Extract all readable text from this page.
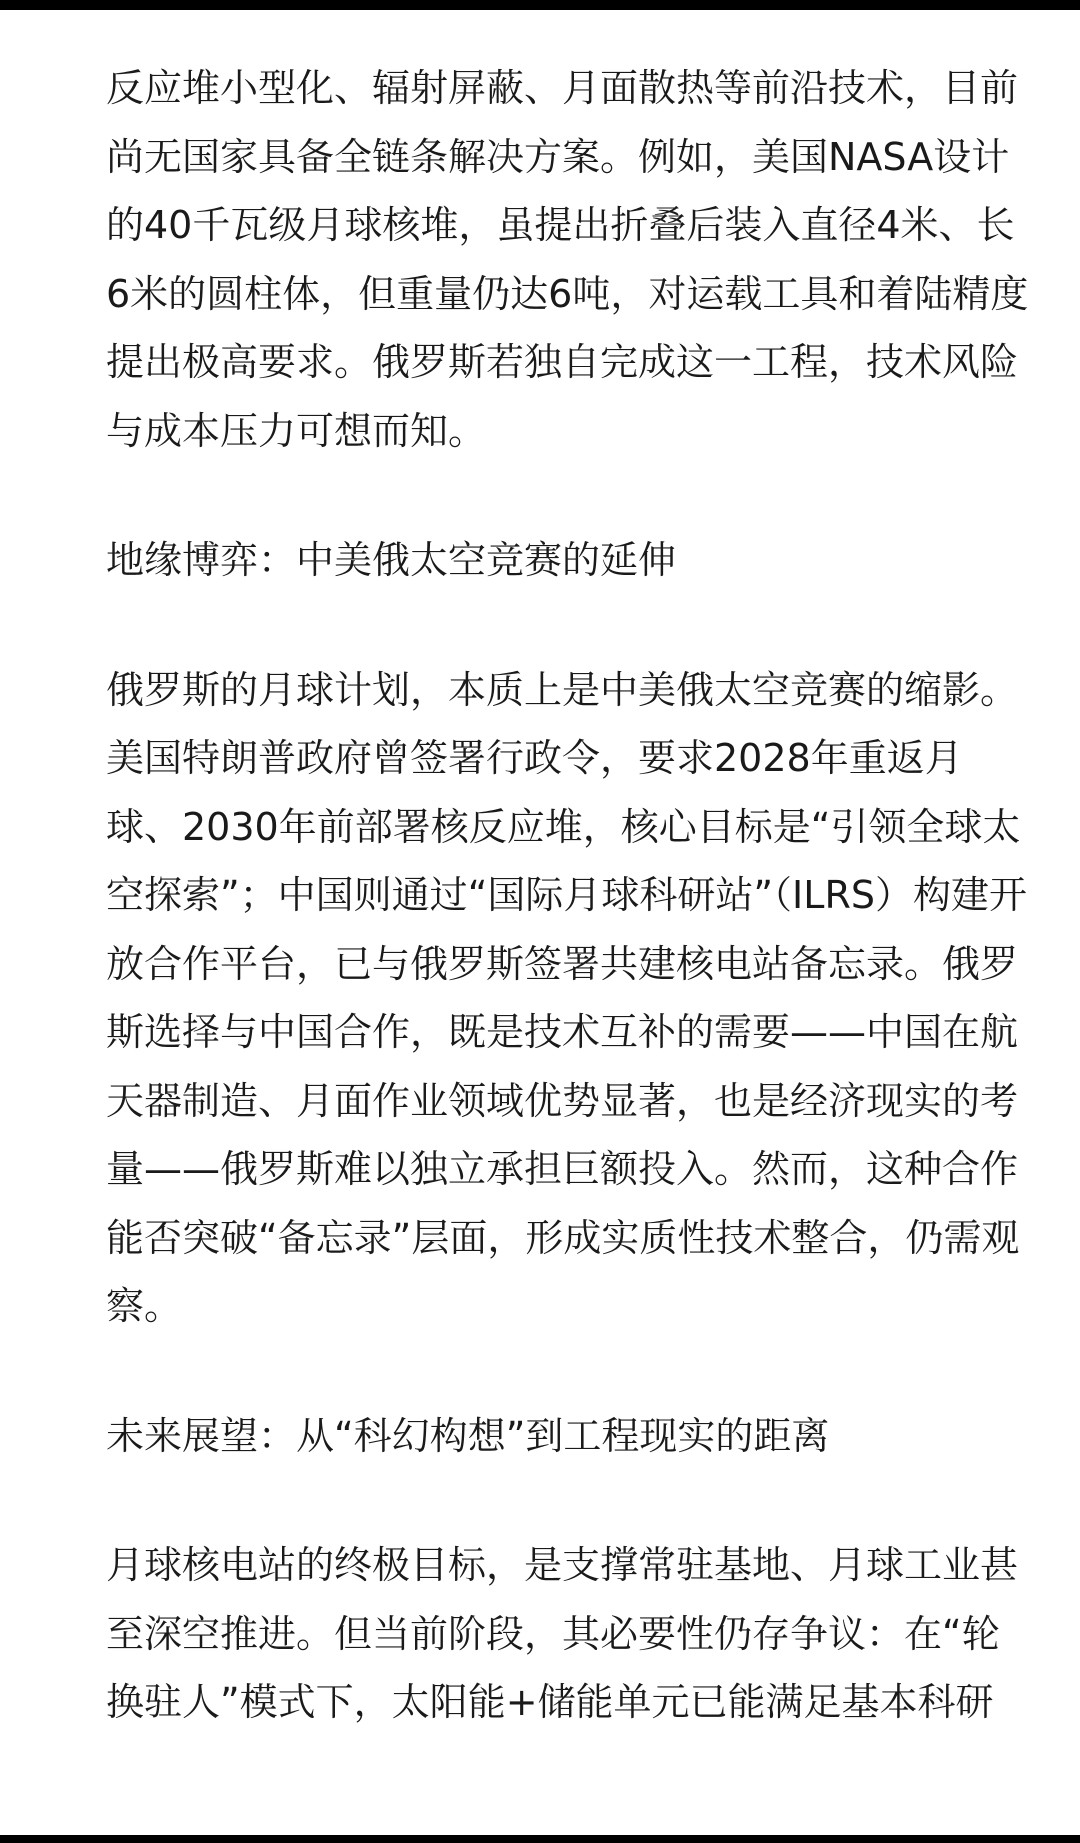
反应堆小型化、辐射屏蔽、月面散热等前沿技术，目前尚无国家具备全链条解决方案。例如，美国NASA设计的40千瓦级月球核堆，虽提出折叠后装入直径4米、长6米的圆柱体，但重量仍达6吨，对运载工具和着陆精度提出极高要求。俄罗斯若独自完成这一工程，技术风险与成本压力可想而知。

地缘博弈：中美俄太空竞赛的延伸

俄罗斯的月球计划，本质上是中美俄太空竞赛的缩影。美国特朗普政府曾签署行政令，要求2028年重返月球、2030年前部署核反应堆，核心目标是“引领全球太空探索”；中国则通过“国际月球科研站”（ILRS）构建开放合作平台，已与俄罗斯签署共建核电站备忘录。俄罗斯选择与中国合作，既是技术互补的需要——中国在航天器制造、月面作业领域优势显著，也是经济现实的考量——俄罗斯难以独立承担巨额投入。然而，这种合作能否突破“备忘录”层面，形成实质性技术整合，仍需观察。

未来展望：从“科幻构想”到工程现实的距离

月球核电站的终极目标，是支撑常驻基地、月球工业甚至深空推进。但当前阶段，其必要性仍存争议：在“轮换驻人”模式下，太阳能+储能单元已能满足基本科研
